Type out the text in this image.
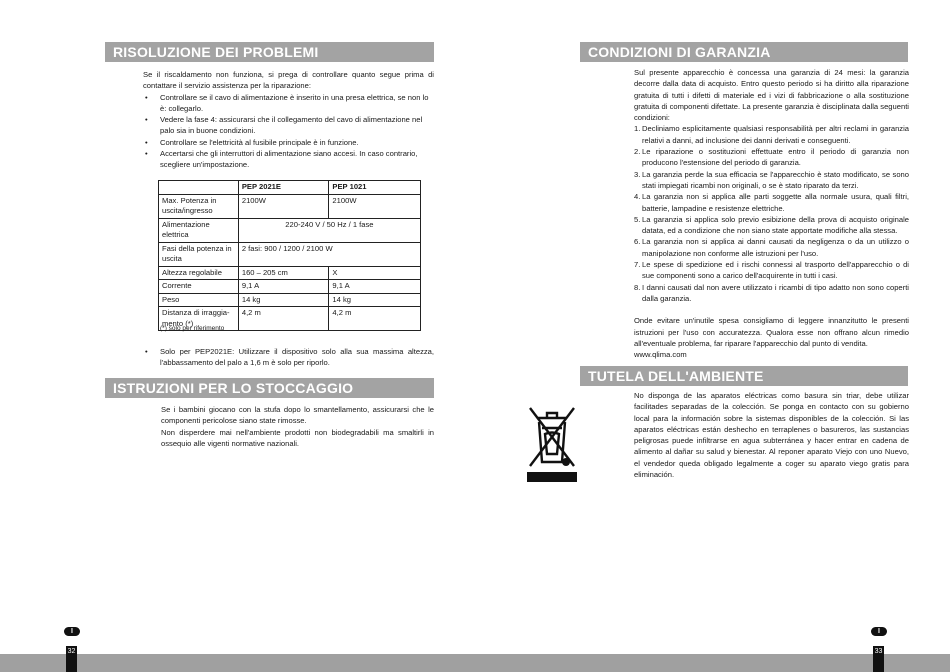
RISOLUZIONE DEI PROBLEMI

Se il riscaldamento non funziona, si prega di controllare quanto segue prima di contattare il servizio assistenza per la riparazione:

• Controllare se il cavo di alimentazione è inserito in una presa elettrica, se non lo è: collegarlo.
• Vedere la fase 4: assicurarsi che il collegamento del cavo di alimentazione nel palo sia in buone condizioni.
• Controllare se l'elettricità al fusibile principale è in funzione.
• Accertarsi che gli interruttori di alimentazione siano accesi. In caso contrario, scegliere un'impostazione.
	PEP 2021E	PEP 1021
Max. Potenza in uscita/ingresso	2100W	2100W
Alimentazione elettrica	220-240 V / 50 Hz / 1 fase	
Fasi della potenza in uscita	2 fasi: 900 / 1200 / 2100 W	
Altezza regolabile	160 – 205 cm	X
Corrente	9,1 A	9,1 A
Peso	14 kg	14 kg
Distanza di irraggia-mento (*)	4,2 m	4,2 m
(*) solo per riferimento
• Solo per PEP2021E: Utilizzare il dispositivo solo alla sua massima altezza, l'abbassamento del palo a 1,6 m è solo per riporlo.
ISTRUZIONI PER LO STOCCAGGIO

Se i bambini giocano con la stufa dopo lo smantellamento, assicurarsi che le componenti pericolose siano state rimosse.

Non disperdere mai nell'ambiente prodotti non biodegradabili ma smaltirli in ossequio alle vigenti normative nazionali.

CONDIZIONI DI GARANZIA

Sul presente apparecchio è concessa una garanzia di 24 mesi: la garanzia decorre dalla data di acquisto. Entro questo periodo si ha diritto alla riparazione gratuita di tutti i difetti di materiale ed i vizi di fabbricazione o alla sostituzione gratuita di componenti difettate. La presente garanzia è disciplinata dalla seguenti condizioni:

1. Decliniamo esplicitamente qualsiasi responsabilità per altri reclami in garanzia relativi a danni, ad inclusione dei danni derivati e conseguenti.
2. Le riparazione o sostituzioni effettuate entro il periodo di garanzia non producono l'estensione del periodo di garanzia.
3. La garanzia perde la sua efficacia se l'apparecchio è stato modificato, se sono stati impiegati ricambi non originali, o se è stato riparato da terzi.
4. La garanzia non si applica alle parti soggette alla normale usura, quali filtri, batterie, lampadine e resistenze elettriche.
5. La garanzia si applica solo previo esibizione della prova di acquisto originale datata, ed a condizione che non siano state apportate modifiche alla stessa.
6. La garanzia non si applica ai danni causati da negligenza o da un utilizzo o manipolazione non conforme alle istruzioni per l'uso.
7. Le spese di spedizione ed i rischi connessi al trasporto dell'apparecchio o di sue componenti sono a carico dell'acquirente in tutti i casi.
8. I danni causati dal non avere utilizzato i ricambi di tipo adatto non sono coperti dalla garanzia.

Onde evitare un'inutile spesa consigliamo di leggere innanzitutto le presenti istruzioni per l'uso con accuratezza. Qualora esse non offrano alcun rimedio all'eventuale problema, far riparare l'apparecchio dal punto di vendita.

www.qlima.com

TUTELA DELL'AMBIENTE
No disponga de las aparatos eléctricas como basura sin triar, debe utilizar facilitades separadas de la colección. Se ponga en contacto con su gobierno local para la información sobre la sistemas disponibles de la colección. Si las aparatos eléctricas están deshecho en terraplenes o basureros, las sustancias peligrosas puede infiltrarse en agua subterránea y hacer entrar en cadena de alimento al dañar su salud y bienestar. Al reponer aparato Viejo con uno Nuevo, el vendedor queda obligado legalmente a coger su aparato viego gratis para eliminación.
I	I
32	33
